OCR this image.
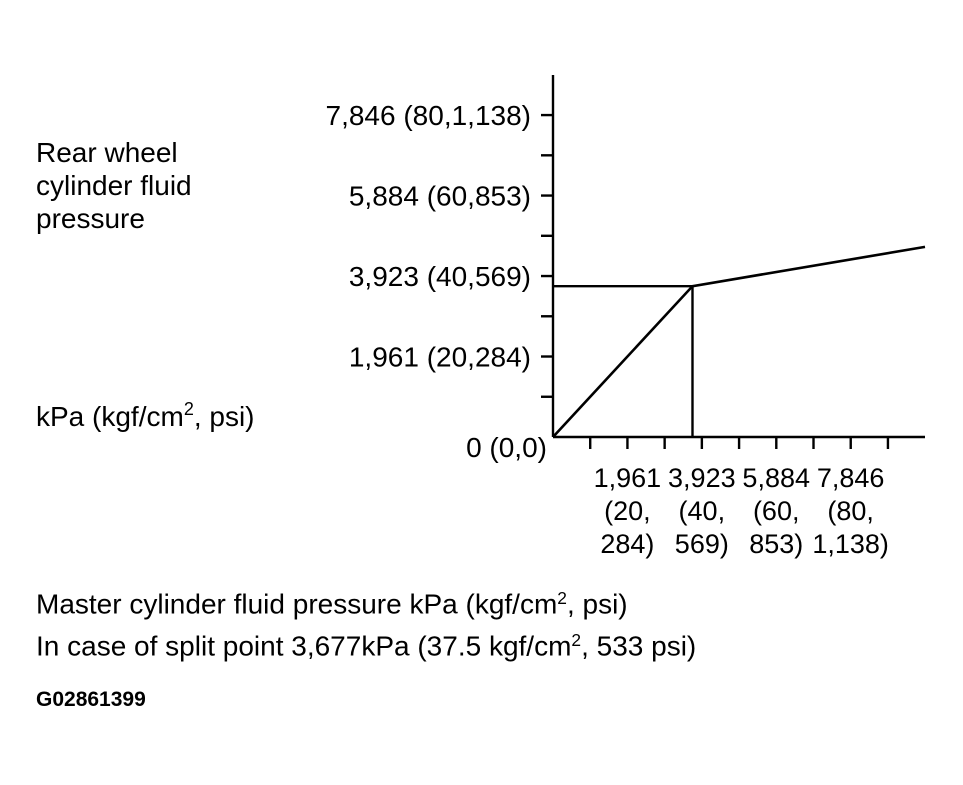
1,961 (20,284)
3,923 (40,569)
5,884 (60,853)
7,846 (80,1,138)
0 (0,0)
1,961 (20, 284)
3,923 (40, 569)
5,884 (60, 853)
7,846 (80, 1,138)
Rear wheel
cylinder fluid
pressure
kPa ($kgf/cm^2$, psi)
Master cylinder fluid pressure kPa ($kgf/cm^2$, psi)
In case of split point 3,677kPa (37.5 kgf/$cm^2$, 533 psi)
G02861399
